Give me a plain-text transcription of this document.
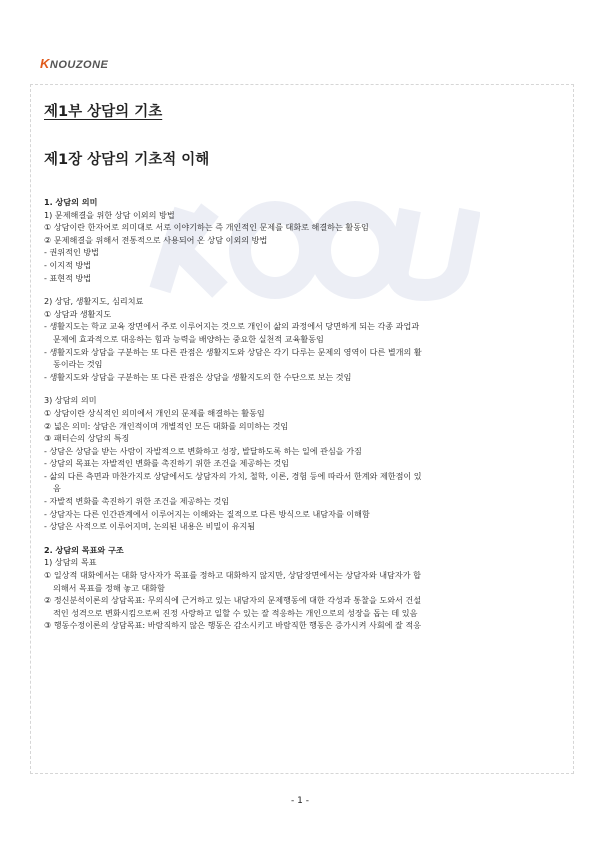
KNOUZONE
제1부 상담의 기초
제1장 상담의 기초적 이해
1. 상담의 의미
1) 문제해결을 위한 상담 이외의 방법
① 상담이란 한자어로 의미대로 서로 이야기하는 즉 개인적인 문제를 대화로 해결하는 활동임
② 문제해결을 위해서 전통적으로 사용되어 온 상담 이외의 방법
- 권위적인 방법
- 이지적 방법
- 표현적 방법
2) 상담, 생활지도, 심리치료
① 상담과 생활지도
- 생활지도는 학교 교육 장면에서 주로 이루어지는 것으로 개인이 삶의 과정에서 당면하게 되는 각종 과업과
문제에 효과적으로 대응하는 힘과 능력을 배양하는 중요한 실천적 교육활동임
- 생활지도와 상담을 구분하는 또 다른 관점은 생활지도와 상담은 각기 다루는 문제의 영역이 다른 별개의 활
동이라는 것임
- 생활지도와 상담을 구분하는 또 다른 관점은 상담을 생활지도의 한 수단으로 보는 것임
3) 상담의 의미
① 상담이란 상식적인 의미에서 개인의 문제를 해결하는 활동임
② 넓은 의미: 상담은 개인적이며 개별적인 모든 대화를 의미하는 것임
③ 패터슨의 상담의 특징
- 상담은 상담을 받는 사람이 자발적으로 변화하고 성장, 발달하도록 하는 일에 관심을 가짐
- 상담의 목표는 자발적인 변화를 촉진하기 위한 조건을 제공하는 것임
- 삶의 다른 측면과 마찬가지로 상담에서도 상담자의 가치, 철학, 이론, 경험 등에 따라서 한계와 제한점이 있
음
- 자발적 변화를 촉진하기 위한 조건을 제공하는 것임
- 상담자는 다른 인간관계에서 이루어지는 이해와는 질적으로 다른 방식으로 내담자를 이해함
- 상담은 사적으로 이루어지며, 논의된 내용은 비밀이 유지됨
2. 상담의 목표와 구조
1) 상담의 목표
① 일상적 대화에서는 대화 당사자가 목표를 정하고 대화하지 않지만, 상담장면에서는 상담자와 내담자가 합
의해서 목표를 정해 놓고 대화함
② 정신분석이론의 상담목표: 무의식에 근거하고 있는 내담자의 문제행동에 대한 각성과 통찰을 도와서 건설
적인 성격으로 변화시킴으로써 진정 사랑하고 일할 수 있는 잘 적응하는 개인으로의 성장을 돕는 데 있음
③ 행동수정이론의 상담목표: 바람직하지 않은 행동은 감소시키고 바람직한 행동은 증가시켜 사회에 잘 적응
- 1 -
